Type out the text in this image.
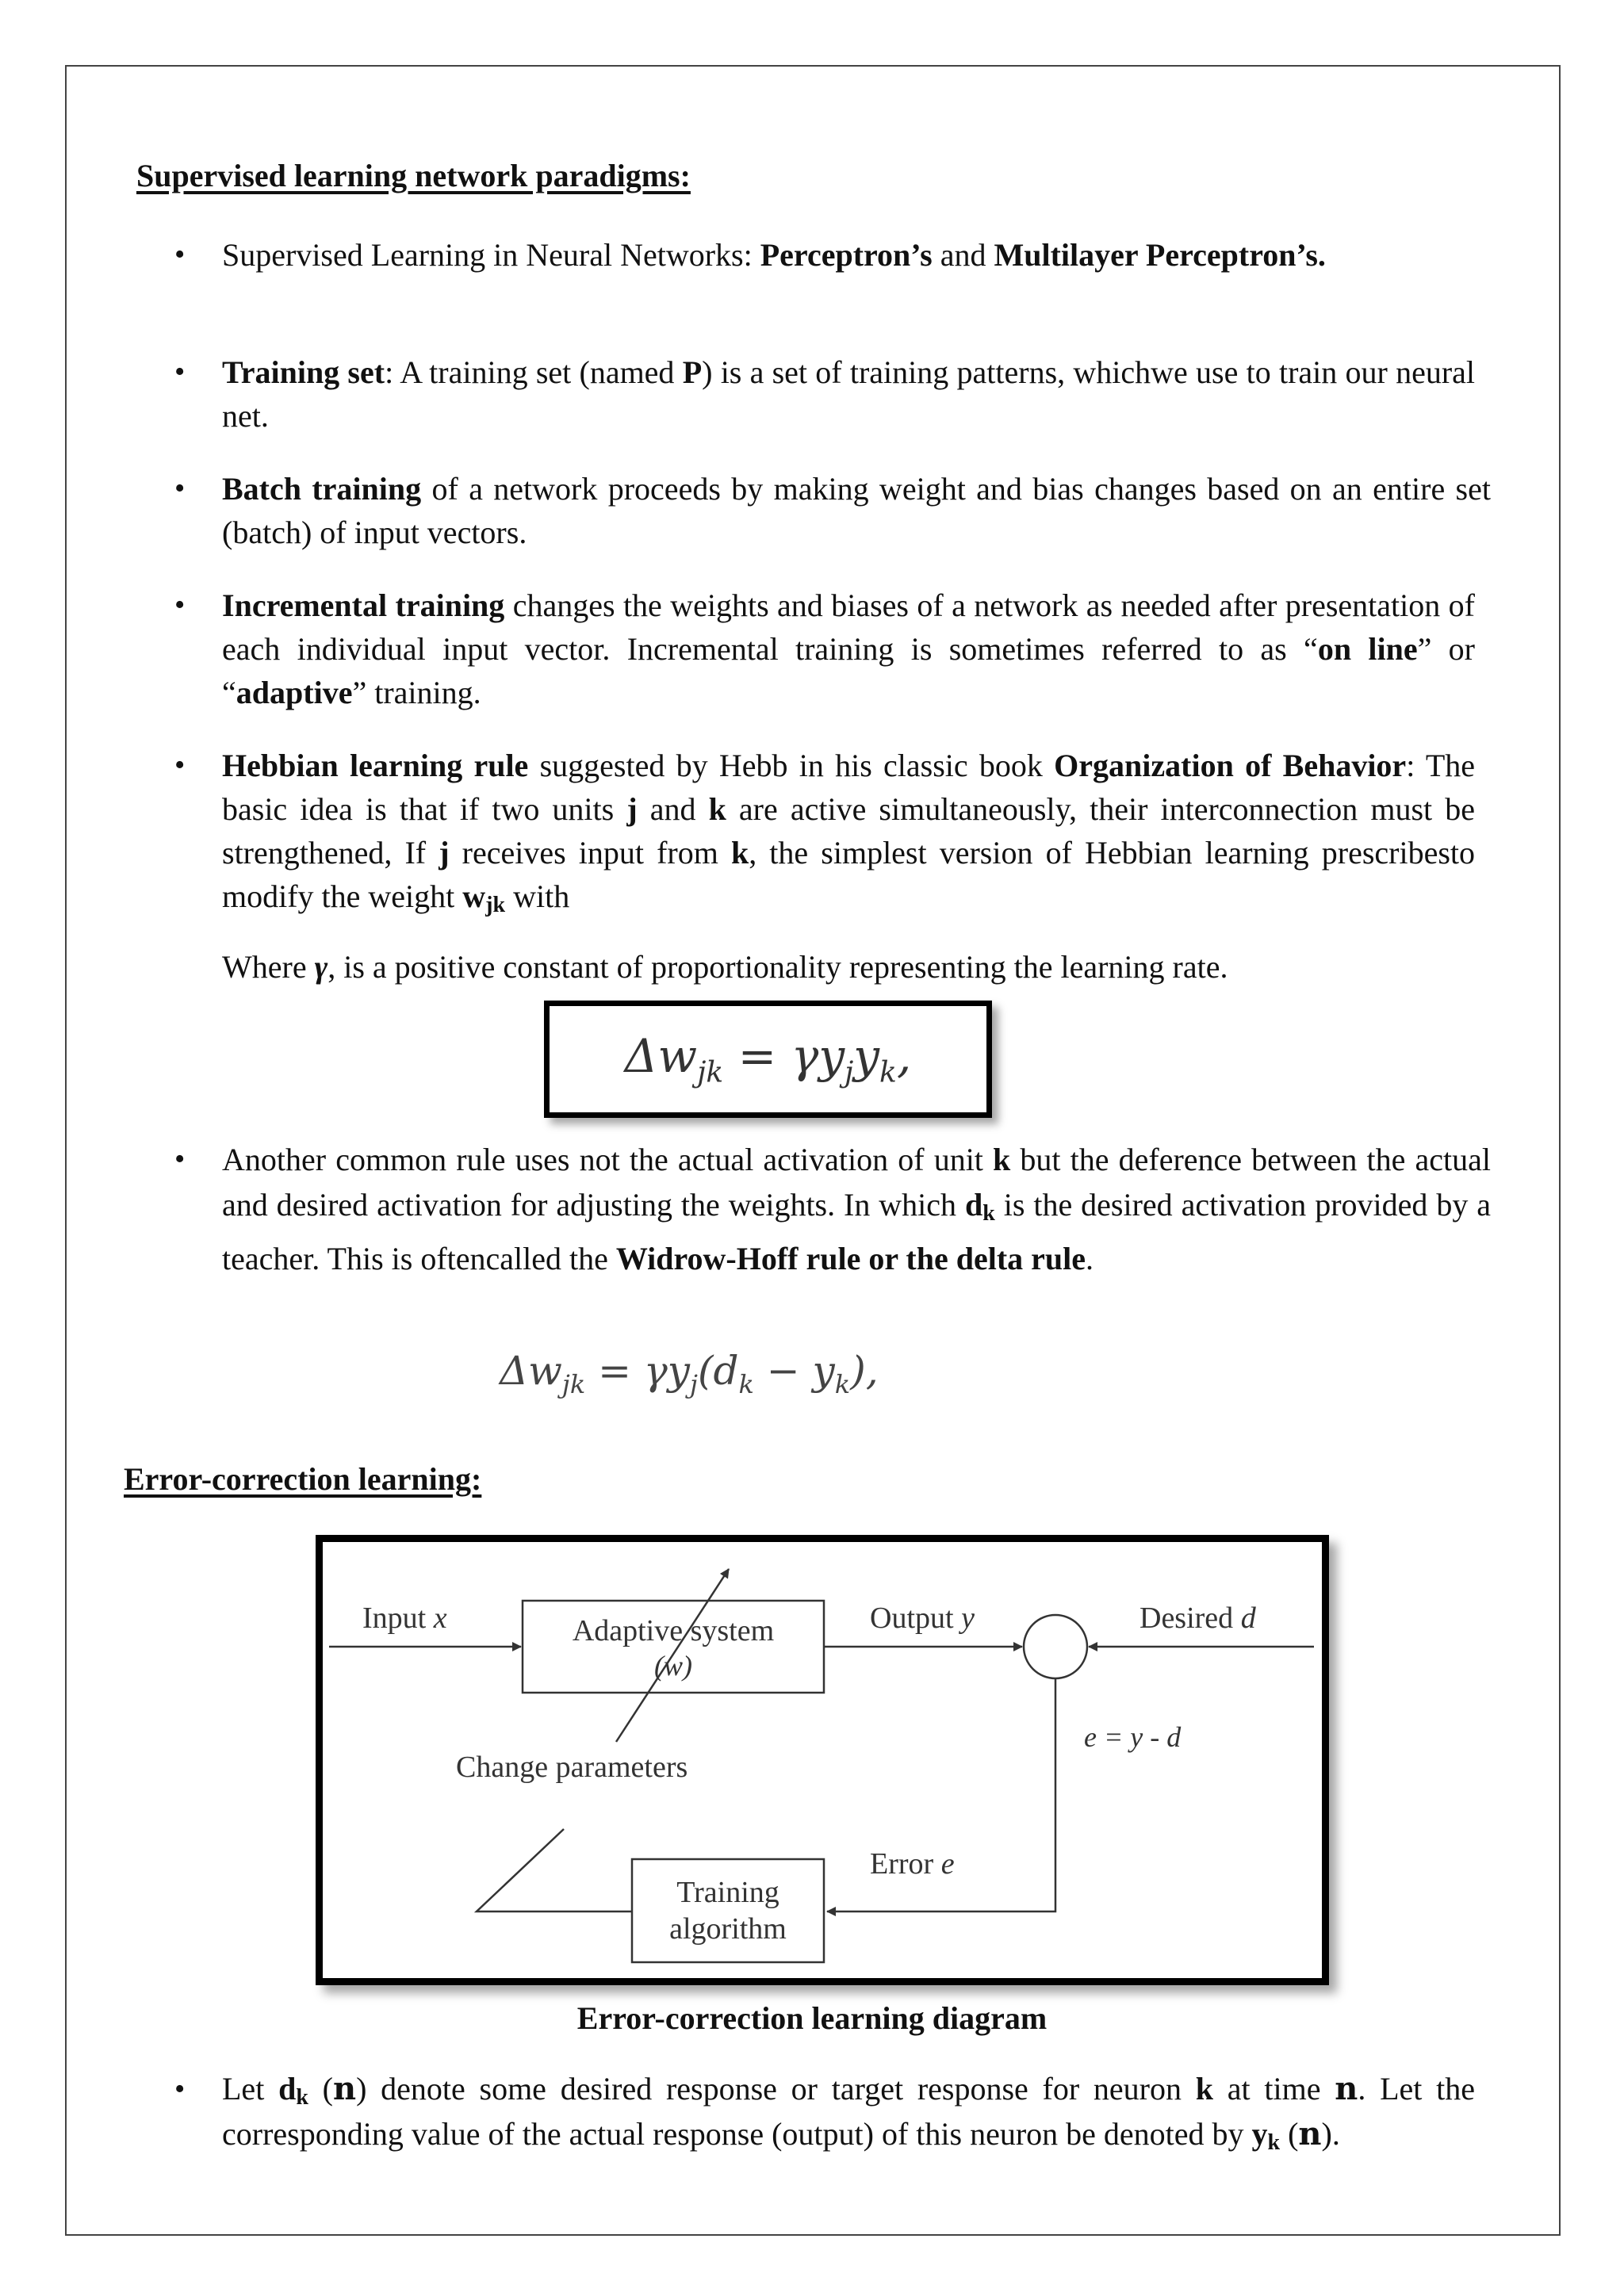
Supervised learning network paradigms:
• Supervised Learning in Neural Networks: Perceptron’s and Multilayer Perceptron’s.
• Training set: A training set (named P) is a set of training patterns, whichwe use to train our neural net.
• Batch training of a network proceeds by making weight and bias changes based on an entire set (batch) of input vectors.
• Incremental training changes the weights and biases of a network as needed after presentation of each individual input vector. Incremental training is sometimes referred to as “on line” or “adaptive” training.
• Hebbian learning rule suggested by Hebb in his classic book Organization of Behavior: The basic idea is that if two units j and k are active simultaneously, their interconnection must be strengthened, If j receives input from k, the simplest version of Hebbian learning prescribesto modify the weight wjk with
Where γ, is a positive constant of proportionality representing the learning rate.
$\Delta w_{jk} = \gamma y_jy_k$,
• Another common rule uses not the actual activation of unit k but the deference between the actual and desired activation for adjusting the weights. In which dk is the desired activation provided by a teacher. This is oftencalled the Widrow-Hoff rule or the delta rule.
$\Delta w_{jk} = \gamma y_j(d_k - y_k)$,
Error-correction learning:
Input x	Adaptive system
(w)
Output y	Desired d
e = y - d
Error e
Training
algorithm
Change parameters
Error-correction learning diagram
• Let dk (n) denote some desired response or target response for neuron k at time n. Let the corresponding value of the actual response (output) of this neuron be denoted by yk (n).
